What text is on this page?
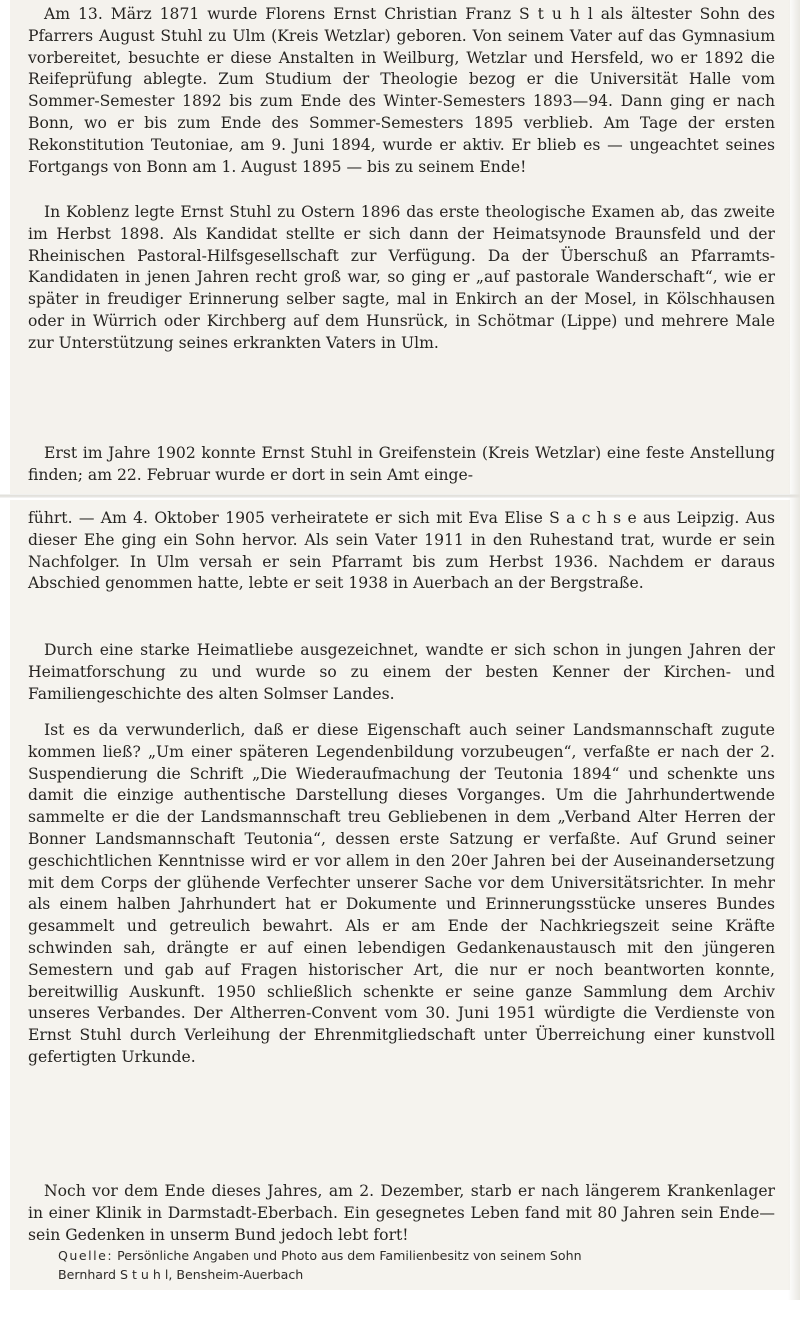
Am 13. März 1871 wurde Florens Ernst Christian Franz S t u h l als ältester Sohn des Pfarrers August Stuhl zu Ulm (Kreis Wetzlar) geboren. Von seinem Vater auf das Gymnasium vorbereitet, besuchte er diese Anstalten in Weilburg, Wetzlar und Hersfeld, wo er 1892 die Reifeprüfung ablegte. Zum Studium der Theologie bezog er die Universität Halle vom Sommer-Semester 1892 bis zum Ende des Winter-Semesters 1893—94. Dann ging er nach Bonn, wo er bis zum Ende des Sommer-Semesters 1895 verblieb. Am Tage der ersten Rekonstitution Teutoniae, am 9. Juni 1894, wurde er aktiv. Er blieb es — ungeachtet seines Fortgangs von Bonn am 1. August 1895 — bis zu seinem Ende!

In Koblenz legte Ernst Stuhl zu Ostern 1896 das erste theologische Examen ab, das zweite im Herbst 1898. Als Kandidat stellte er sich dann der Heimatsynode Braunsfeld und der Rheinischen Pastoral-Hilfsgesellschaft zur Verfügung. Da der Überschuß an Pfarramts-Kandidaten in jenen Jahren recht groß war, so ging er „auf pastorale Wanderschaft“, wie er später in freudiger Erinnerung selber sagte, mal in Enkirch an der Mosel, in Kölschhausen oder in Würrich oder Kirchberg auf dem Hunsrück, in Schötmar (Lippe) und mehrere Male zur Unterstützung seines erkrankten Vaters in Ulm.

Erst im Jahre 1902 konnte Ernst Stuhl in Greifenstein (Kreis Wetzlar) eine feste Anstellung finden; am 22. Februar wurde er dort in sein Amt einge-

führt. — Am 4. Oktober 1905 verheiratete er sich mit Eva Elise S a c h s e aus Leipzig. Aus dieser Ehe ging ein Sohn hervor. Als sein Vater 1911 in den Ruhestand trat, wurde er sein Nachfolger. In Ulm versah er sein Pfarramt bis zum Herbst 1936. Nachdem er daraus Abschied genommen hatte, lebte er seit 1938 in Auerbach an der Bergstraße.

Durch eine starke Heimatliebe ausgezeichnet, wandte er sich schon in jungen Jahren der Heimatforschung zu und wurde so zu einem der besten Kenner der Kirchen- und Familiengeschichte des alten Solmser Landes.

Ist es da verwunderlich, daß er diese Eigenschaft auch seiner Landsmannschaft zugute kommen ließ? „Um einer späteren Legendenbildung vorzubeugen“, verfaßte er nach der 2. Suspendierung die Schrift „Die Wiederaufmachung der Teutonia 1894“ und schenkte uns damit die einzige authentische Darstellung dieses Vorganges. Um die Jahrhundertwende sammelte er die der Landsmannschaft treu Gebliebenen in dem „Verband Alter Herren der Bonner Landsmannschaft Teutonia“, dessen erste Satzung er verfaßte. Auf Grund seiner geschichtlichen Kenntnisse wird er vor allem in den 20er Jahren bei der Auseinandersetzung mit dem Corps der glühende Verfechter unserer Sache vor dem Universitätsrichter. In mehr als einem halben Jahrhundert hat er Dokumente und Erinnerungsstücke unseres Bundes gesammelt und getreulich bewahrt. Als er am Ende der Nachkriegszeit seine Kräfte schwinden sah, drängte er auf einen lebendigen Gedankenaustausch mit den jüngeren Semestern und gab auf Fragen historischer Art, die nur er noch beantworten konnte, bereitwillig Auskunft. 1950 schließlich schenkte er seine ganze Sammlung dem Archiv unseres Verbandes. Der Altherren-Convent vom 30. Juni 1951 würdigte die Verdienste von Ernst Stuhl durch Verleihung der Ehrenmitgliedschaft unter Überreichung einer kunstvoll gefertigten Urkunde.

Noch vor dem Ende dieses Jahres, am 2. Dezember, starb er nach längerem Krankenlager in einer Klinik in Darmstadt-Eberbach. Ein gesegnetes Leben fand mit 80 Jahren sein Ende— sein Gedenken in unserm Bund jedoch lebt fort!

Quelle: Persönliche Angaben und Photo aus dem Familienbesitz von seinem Sohn
Bernhard S t u h l, Bensheim-Auerbach
